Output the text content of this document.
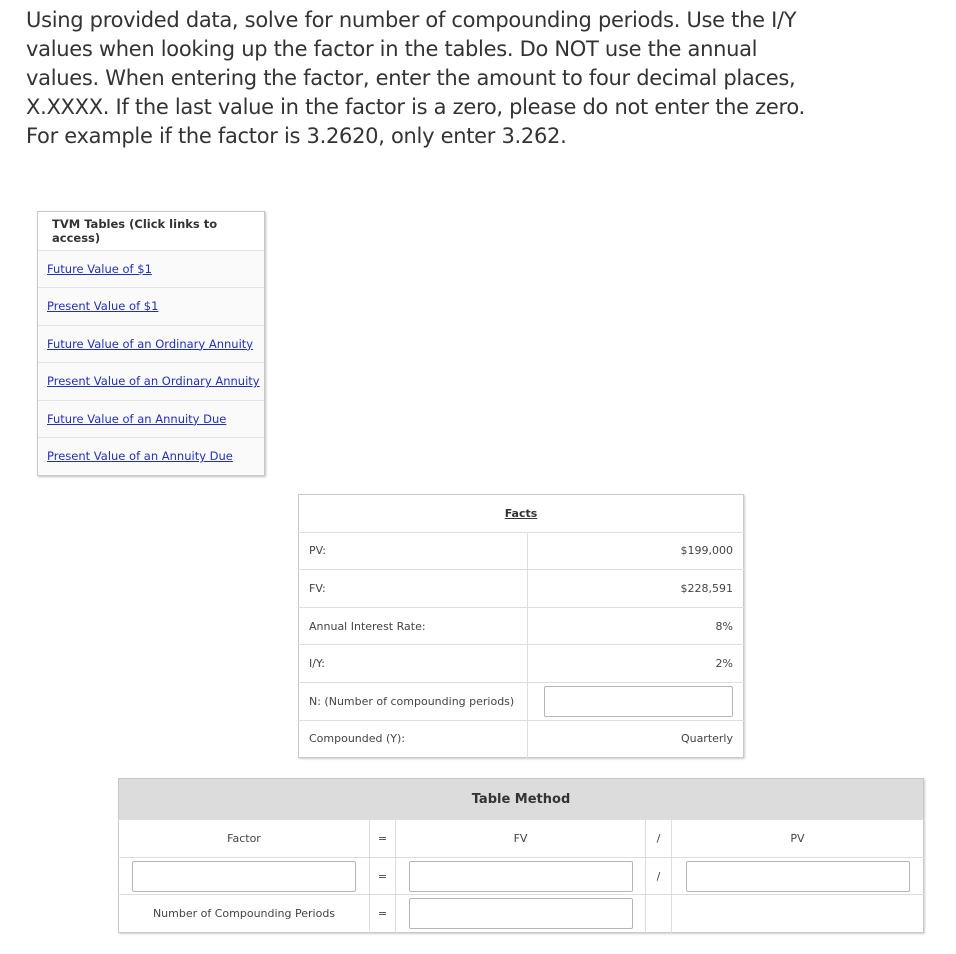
Using provided data, solve for number of compounding periods. Use the I/Y values when looking up the factor in the tables. Do NOT use the annual values. When entering the factor, enter the amount to four decimal places, X.XXXX. If the last value in the factor is a zero, please do not enter the zero. For example if the factor is 3.2620, only enter 3.262.
TVM Tables (Click links to access)
Future Value of $1
Present Value of $1
Future Value of an Ordinary Annuity
Present Value of an Ordinary Annuity
Future Value of an Annuity Due
Present Value of an Annuity Due
Facts	
PV:	$199,000
FV:	$228,591
Annual Interest Rate:	8%
I/Y:	2%
N: (Number of compounding periods)	
Compounded (Y):	Quarterly
Table Method				
Factor	=	FV	/	PV
	=		/	
Number of Compounding Periods	=			
